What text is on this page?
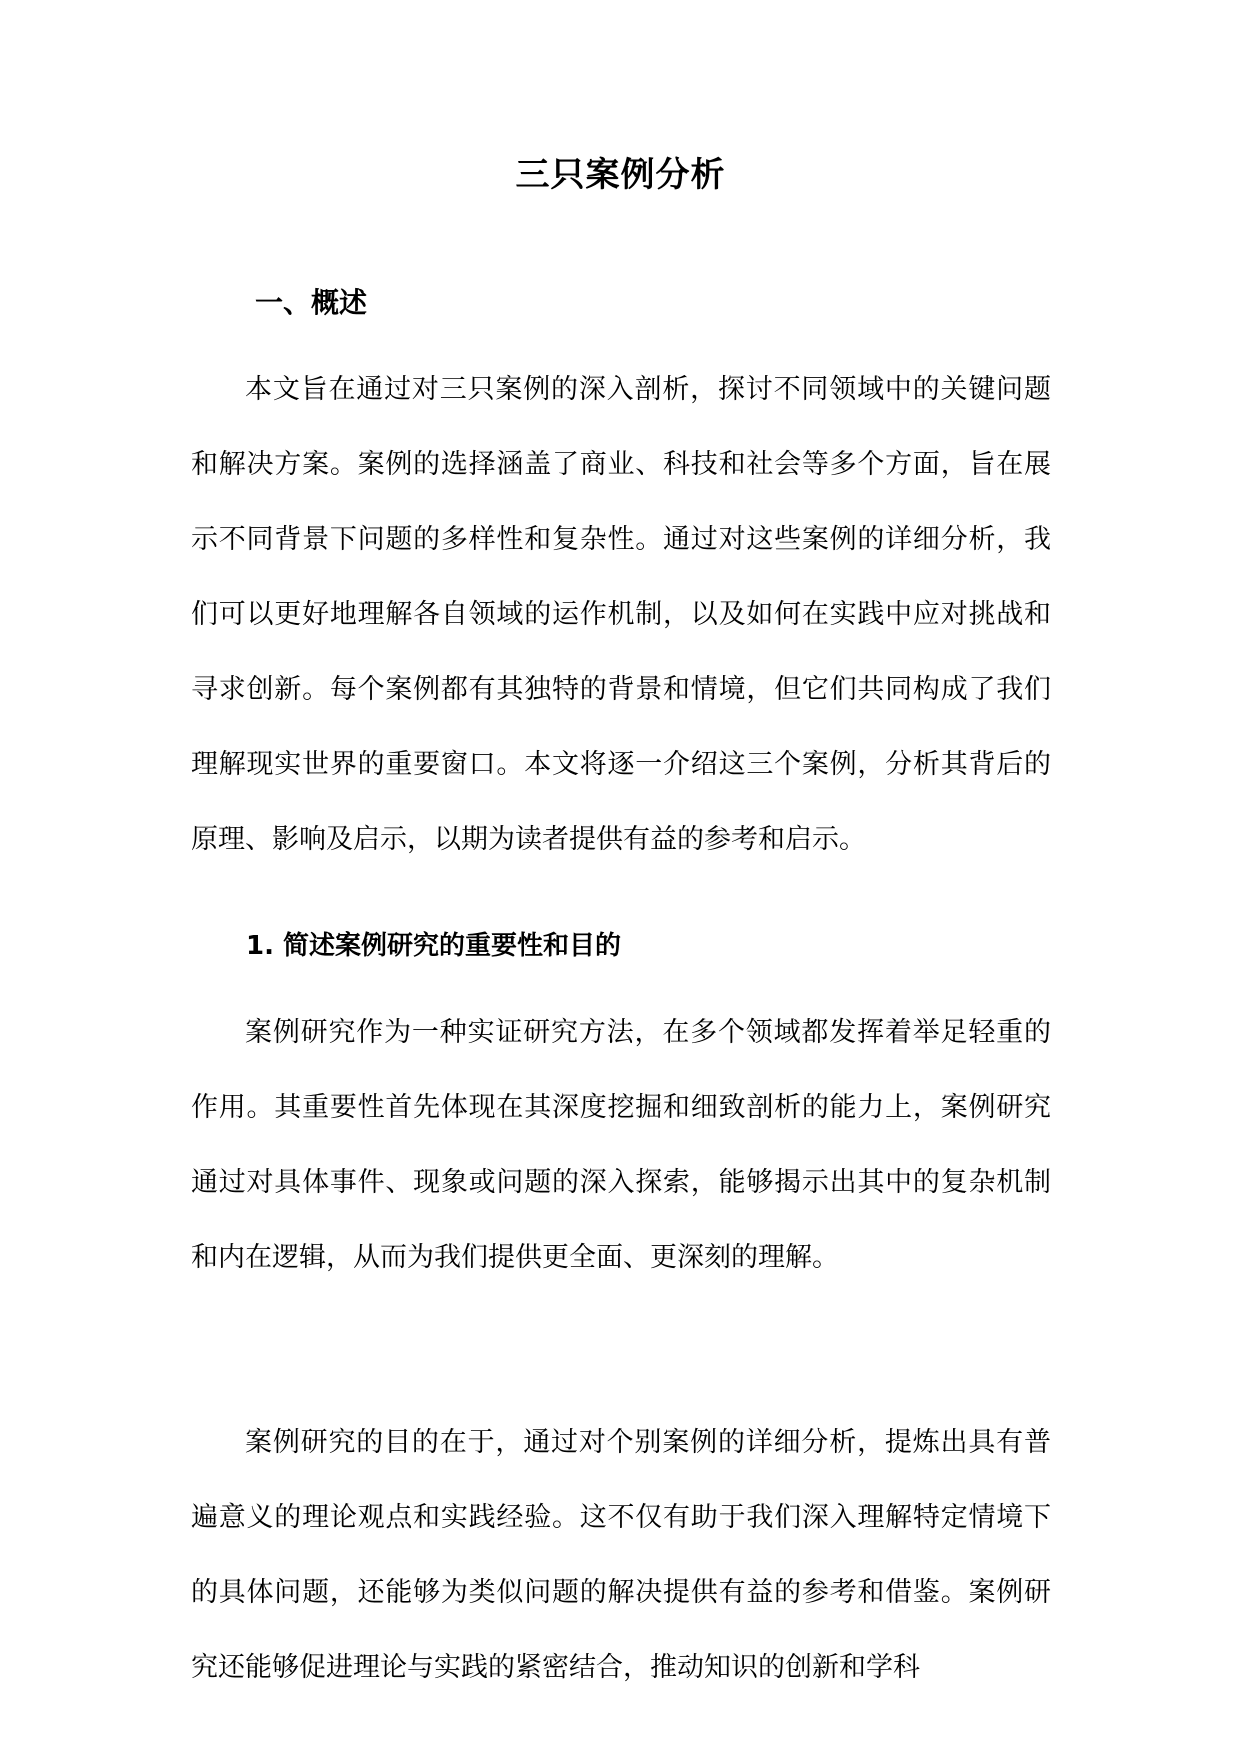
三只案例分析
一、概述

本文旨在通过对三只案例的深入剖析，探讨不同领域中的关键问题和解决方案。案例的选择涵盖了商业、科技和社会等多个方面，旨在展示不同背景下问题的多样性和复杂性。通过对这些案例的详细分析，我们可以更好地理解各自领域的运作机制，以及如何在实践中应对挑战和寻求创新。每个案例都有其独特的背景和情境，但它们共同构成了我们理解现实世界的重要窗口。本文将逐一介绍这三个案例，分析其背后的原理、影响及启示，以期为读者提供有益的参考和启示。

1. 简述案例研究的重要性和目的

案例研究作为一种实证研究方法，在多个领域都发挥着举足轻重的作用。其重要性首先体现在其深度挖掘和细致剖析的能力上，案例研究通过对具体事件、现象或问题的深入探索，能够揭示出其中的复杂机制和内在逻辑，从而为我们提供更全面、更深刻的理解。

案例研究的目的在于，通过对个别案例的详细分析，提炼出具有普遍意义的理论观点和实践经验。这不仅有助于我们深入理解特定情境下的具体问题，还能够为类似问题的解决提供有益的参考和借鉴。案例研究还能够促进理论与实践的紧密结合，推动知识的创新和学科
